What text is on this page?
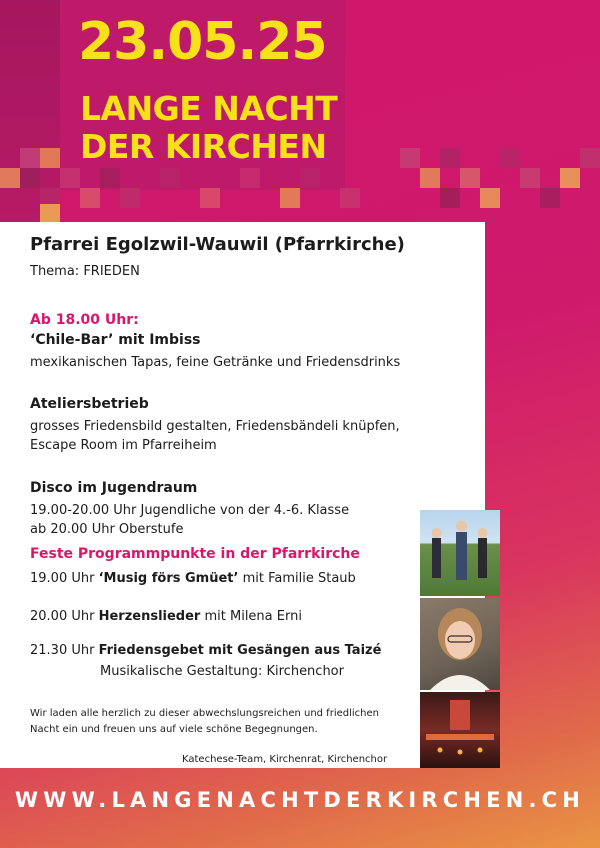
23.05.25
LANGE NACHT
DER KIRCHEN

Pfarrei Egolzwil-Wauwil (Pfarrkirche)

Thema: FRIEDEN

Ab 18.00 Uhr:

‘Chile-Bar’ mit Imbiss

mexikanischen Tapas, feine Getränke und Friedensdrinks

Ateliersbetrieb

grosses Friedensbild gestalten, Friedensbändeli knüpfen,

Escape Room im Pfarreiheim

Disco im Jugendraum

19.00-20.00 Uhr Jugendliche von der 4.-6. Klasse

ab 20.00 Uhr Oberstufe

Feste Programmpunkte in der Pfarrkirche

19.00 Uhr ‘Musig förs Gmüet’ mit Familie Staub

20.00 Uhr Herzenslieder mit Milena Erni

21.30 Uhr Friedensgebet mit Gesängen aus Taizé

Musikalische Gestaltung: Kirchenchor

Wir laden alle herzlich zu dieser abwechslungsreichen und friedlichen

Nacht ein und freuen uns auf viele schöne Begegnungen.

Katechese-Team, Kirchenrat, Kirchenchor

WWW.LANGENACHTDERKIRCHEN.CH
